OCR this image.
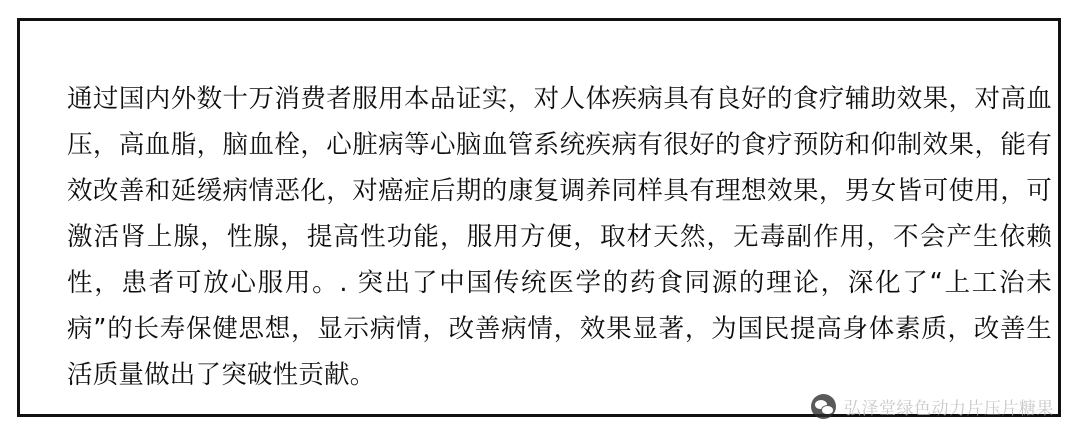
通过国内外数十万消费者服用本品证实，对人体疾病具有良好的食疗辅助效果，对高血压，高血脂，脑血栓，心脏病等心脑血管系统疾病有很好的食疗预防和仰制效果，能有效改善和延缓病情恶化，对癌症后期的康复调养同样具有理想效果，男女皆可使用，可激活肾上腺，性腺，提高性功能，服用方便，取材天然，无毒副作用，不会产生依赖性，患者可放心服用。. 突出了中国传统医学的药食同源的理论，深化了“上工治未病”的长寿保健思想，显示病情，改善病情，效果显著，为国民提高身体素质，改善生活质量做出了突破性贡献。
弘泽堂绿色动力片压片糖果
